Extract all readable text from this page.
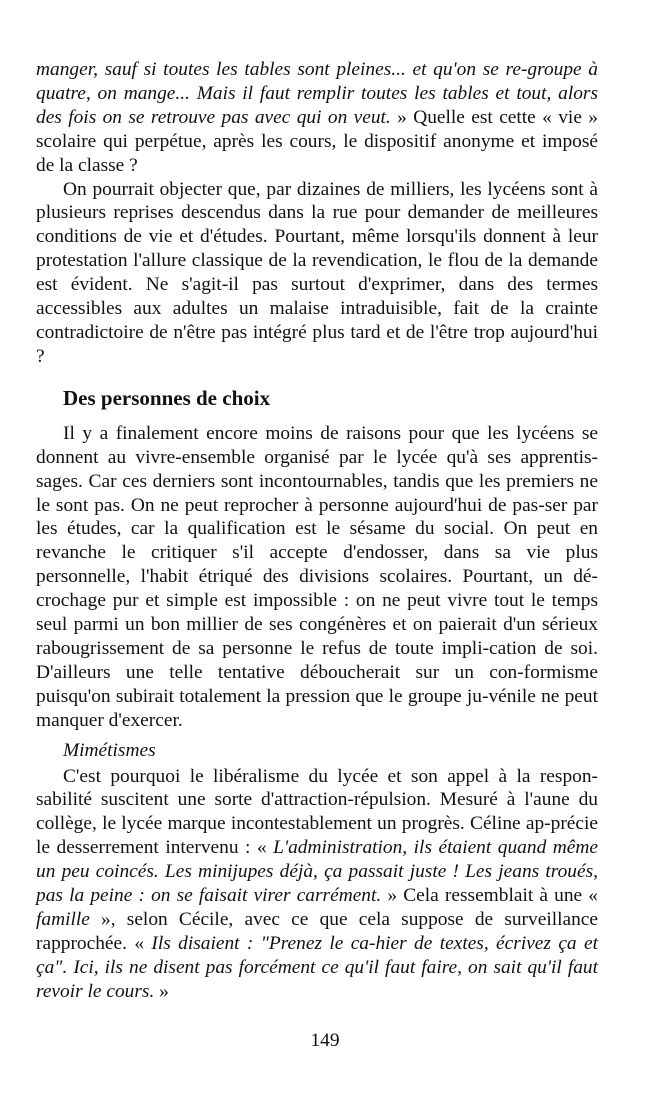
manger, sauf si toutes les tables sont pleines... et qu'on se re-groupe à quatre, on mange... Mais il faut remplir toutes les tables et tout, alors des fois on se retrouve pas avec qui on veut. » Quelle est cette « vie » scolaire qui perpétue, après les cours, le dispositif anonyme et imposé de la classe ?

On pourrait objecter que, par dizaines de milliers, les lycéens sont à plusieurs reprises descendus dans la rue pour demander de meilleures conditions de vie et d'études. Pourtant, même lorsqu'ils donnent à leur protestation l'allure classique de la revendication, le flou de la demande est évident. Ne s'agit-il pas surtout d'exprimer, dans des termes accessibles aux adultes un malaise intraduisible, fait de la crainte contradictoire de n'être pas intégré plus tard et de l'être trop aujourd'hui ?

Des personnes de choix

Il y a finalement encore moins de raisons pour que les lycéens se donnent au vivre-ensemble organisé par le lycée qu'à ses apprentis-sages. Car ces derniers sont incontournables, tandis que les premiers ne le sont pas. On ne peut reprocher à personne aujourd'hui de pas-ser par les études, car la qualification est le sésame du social. On peut en revanche le critiquer s'il accepte d'endosser, dans sa vie plus personnelle, l'habit étriqué des divisions scolaires. Pourtant, un dé-crochage pur et simple est impossible : on ne peut vivre tout le temps seul parmi un bon millier de ses congénères et on paierait d'un sérieux rabougrissement de sa personne le refus de toute impli-cation de soi. D'ailleurs une telle tentative déboucherait sur un con-formisme puisqu'on subirait totalement la pression que le groupe ju-vénile ne peut manquer d'exercer.

Mimétismes

C'est pourquoi le libéralisme du lycée et son appel à la respon-sabilité suscitent une sorte d'attraction-répulsion. Mesuré à l'aune du collège, le lycée marque incontestablement un progrès. Céline ap-précie le desserrement intervenu : « L'administration, ils étaient quand même un peu coincés. Les minijupes déjà, ça passait juste ! Les jeans troués, pas la peine : on se faisait virer carrément. » Cela ressemblait à une « famille », selon Cécile, avec ce que cela suppose de surveillance rapprochée. « Ils disaient : "Prenez le ca-hier de textes, écrivez ça et ça". Ici, ils ne disent pas forcément ce qu'il faut faire, on sait qu'il faut revoir le cours. »

149
